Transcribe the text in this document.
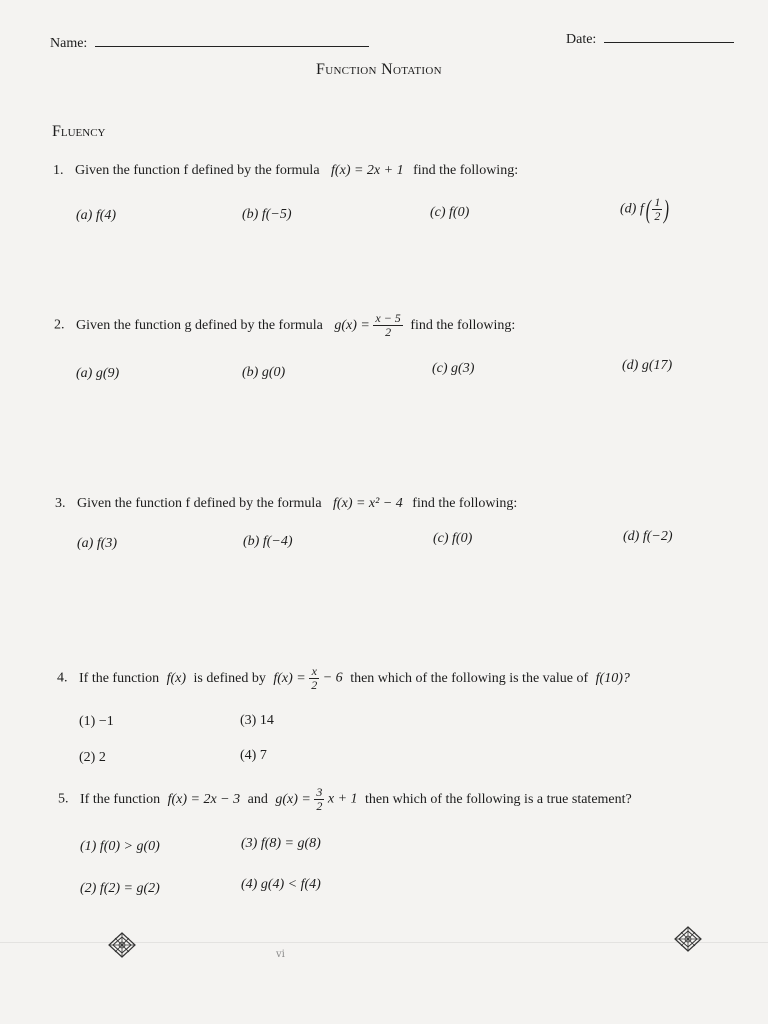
Name:	Date:
Function Notation
Fluency
1. Given the function f defined by the formula f(x) = 2x + 1 find the following:
(a) f(4)	(b) f(−5)	(c) f(0)	(d) $f( \frac{1}{2}$ )
2. Given the function g defined by the formula $g(x) = \frac{x - 5}{2}$ find the following:
(a) g(9)	(b) g(0)	(c) g(3)	(d) g(17)
3. Given the function f defined by the formula f(x) = x² − 4 find the following:
(a) f(3)	(b) f(−4)	(c) f(0)	(d) f(−2)
4. If the function f(x) is defined by $f(x) = \frac{x}{2} - 6$ then which of the following is the value of f(10)?
(1) −1	(3) 14
(2) 2	(4) 7
5. If the function f(x) = 2x − 3 and $g(x) = \frac{3}{2}$ x + 1 then which of the following is a true statement?
(1) f(0) > g(0)	(3) f(8) = g(8)
(2) f(2) = g(2)	(4) g(4) < f(4)
ⅵ
